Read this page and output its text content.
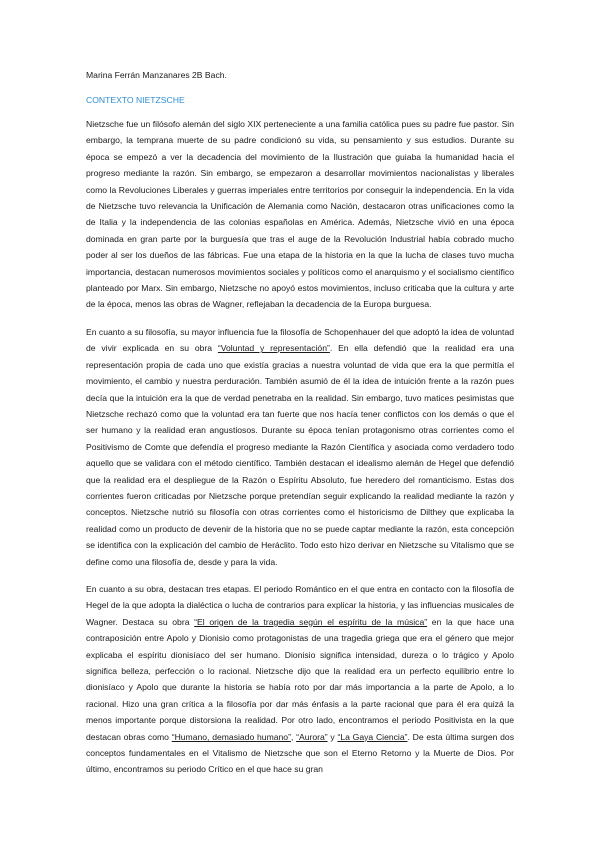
Marina Ferrán Manzanares 2B Bach.

CONTEXTO NIETZSCHE

Nietzsche fue un filósofo alemán del siglo XIX perteneciente a una familia católica pues su padre fue pastor. Sin embargo, la temprana muerte de su padre condicionó su vida, su pensamiento y sus estudios. Durante su época se empezó a ver la decadencia del movimiento de la Ilustración que guiaba la humanidad hacia el progreso mediante la razón. Sin embargo, se empezaron a desarrollar movimientos nacionalistas y liberales como la Revoluciones Liberales y guerras imperiales entre territorios por conseguir la independencia. En la vida de Nietzsche tuvo relevancia la Unificación de Alemania como Nación, destacaron otras unificaciones como la de Italia y la independencia de las colonias españolas en América. Además, Nietzsche vivió en una época dominada en gran parte por la burguesía que tras el auge de la Revolución Industrial había cobrado mucho poder al ser los dueños de las fábricas. Fue una etapa de la historia en la que la lucha de clases tuvo mucha importancia, destacan numerosos movimientos sociales y políticos como el anarquismo y el socialismo científico planteado por Marx. Sin embargo, Nietzsche no apoyó estos movimientos, incluso criticaba que la cultura y arte de la época, menos las obras de Wagner, reflejaban la decadencia de la Europa burguesa.

En cuanto a su filosofía, su mayor influencia fue la filosofía de Schopenhauer del que adoptó la idea de voluntad de vivir explicada en su obra “Voluntad y representación”. En ella defendió que la realidad era una representación propia de cada uno que existía gracias a nuestra voluntad de vida que era la que permitía el movimiento, el cambio y nuestra perduración. También asumió de él la idea de intuición frente a la razón pues decía que la intuición era la que de verdad penetraba en la realidad. Sin embargo, tuvo matices pesimistas que Nietzsche rechazó como que la voluntad era tan fuerte que nos hacía tener conflictos con los demás o que el ser humano y la realidad eran angustiosos. Durante su época tenían protagonismo otras corrientes como el Positivismo de Comte que defendía el progreso mediante la Razón Científica y asociada como verdadero todo aquello que se validara con el método científico. También destacan el idealismo alemán de Hegel que defendió que la realidad era el despliegue de la Razón o Espíritu Absoluto, fue heredero del romanticismo. Estas dos corrientes fueron criticadas por Nietzsche porque pretendían seguir explicando la realidad mediante la razón y conceptos. Nietzsche nutrió su filosofía con otras corrientes como el historicismo de Dilthey que explicaba la realidad como un producto de devenir de la historia que no se puede captar mediante la razón, esta concepción se identifica con la explicación del cambio de Heráclito. Todo esto hizo derivar en Nietzsche su Vitalismo que se define como una filosofía de, desde y para la vida.

En cuanto a su obra, destacan tres etapas. El periodo Romántico en el que entra en contacto con la filosofía de Hegel de la que adopta la dialéctica o lucha de contrarios para explicar la historia, y las influencias musicales de Wagner. Destaca su obra “El origen de la tragedia según el espíritu de la música” en la que hace una contraposición entre Apolo y Dionisio como protagonistas de una tragedia griega que era el género que mejor explicaba el espíritu dionisíaco del ser humano. Dionisio significa intensidad, dureza o lo trágico y Apolo significa belleza, perfección o lo racional. Nietzsche dijo que la realidad era un perfecto equilibrio entre lo dionisíaco y Apolo que durante la historia se había roto por dar más importancia a la parte de Apolo, a lo racional. Hizo una gran crítica a la filosofía por dar más énfasis a la parte racional que para él era quizá la menos importante porque distorsiona la realidad. Por otro lado, encontramos el periodo Positivista en la que destacan obras como “Humano, demasiado humano”, “Aurora” y “La Gaya Ciencia”. De esta última surgen dos conceptos fundamentales en el Vitalismo de Nietzsche que son el Eterno Retorno y la Muerte de Dios. Por último, encontramos su periodo Crítico en el que hace su gran
